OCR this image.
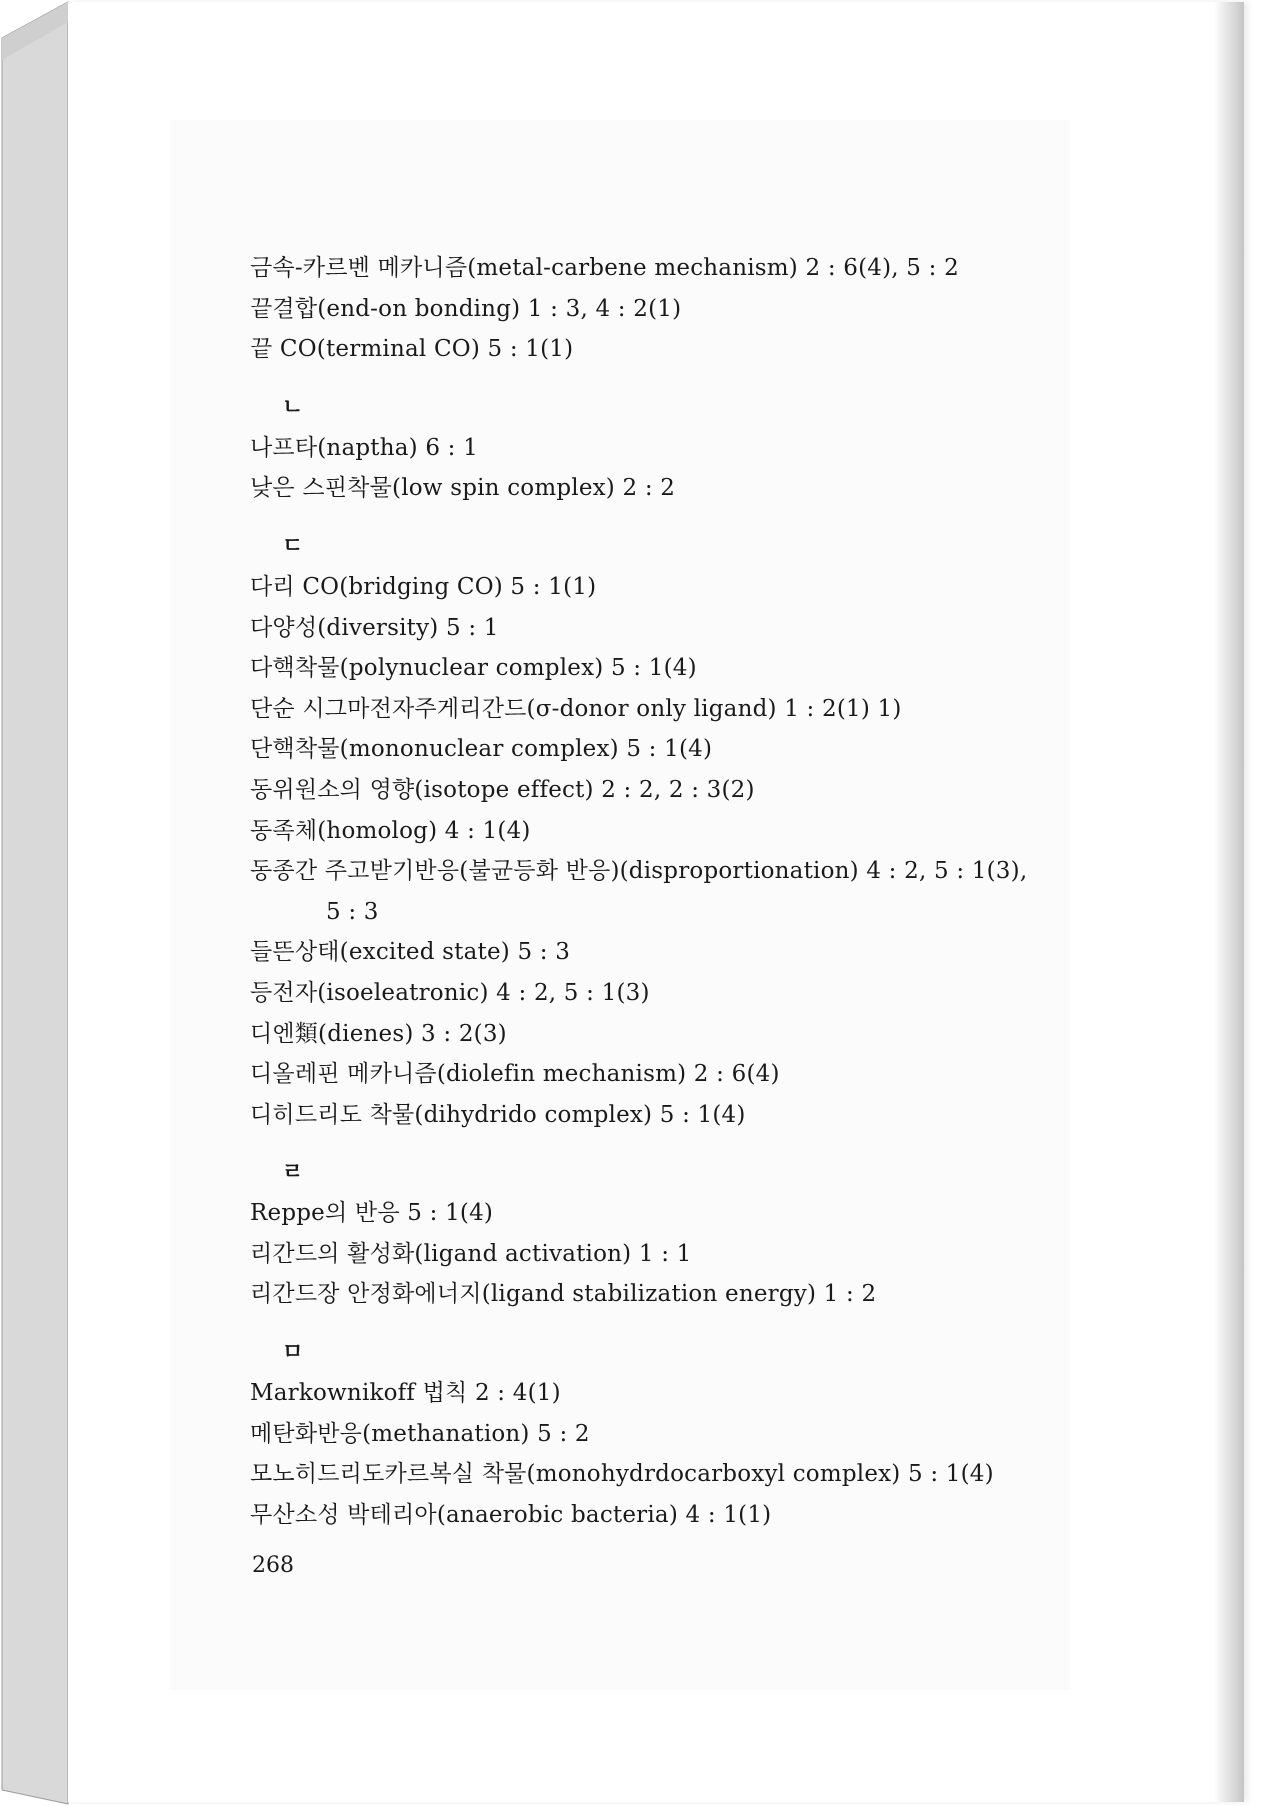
금속-카르벤 메카니즘(metal-carbene mechanism) 2 : 6(4), 5 : 2
끝결합(end-on bonding) 1 : 3, 4 : 2(1)
끝 CO(terminal CO) 5 : 1(1)
ㄴ
나프타(naptha) 6 : 1
낮은 스핀착물(low spin complex) 2 : 2
ㄷ
다리 CO(bridging CO) 5 : 1(1)
다양성(diversity) 5 : 1
다핵착물(polynuclear complex) 5 : 1(4)
단순 시그마전자주게리간드(σ-donor only ligand) 1 : 2(1) 1)
단핵착물(mononuclear complex) 5 : 1(4)
동위원소의 영향(isotope effect) 2 : 2, 2 : 3(2)
동족체(homolog) 4 : 1(4)
동종간 주고받기반응(불균등화 반응)(disproportionation) 4 : 2, 5 : 1(3),
5 : 3
들뜬상태(excited state) 5 : 3
등전자(isoeleatronic) 4 : 2, 5 : 1(3)
디엔類(dienes) 3 : 2(3)
디올레핀 메카니즘(diolefin mechanism) 2 : 6(4)
디히드리도 착물(dihydrido complex) 5 : 1(4)
ㄹ
Reppe의 반응 5 : 1(4)
리간드의 활성화(ligand activation) 1 : 1
리간드장 안정화에너지(ligand stabilization energy) 1 : 2
ㅁ
Markownikoff 법칙 2 : 4(1)
메탄화반응(methanation) 5 : 2
모노히드리도카르복실 착물(monohydrdocarboxyl complex) 5 : 1(4)
무산소성 박테리아(anaerobic bacteria) 4 : 1(1)
268
